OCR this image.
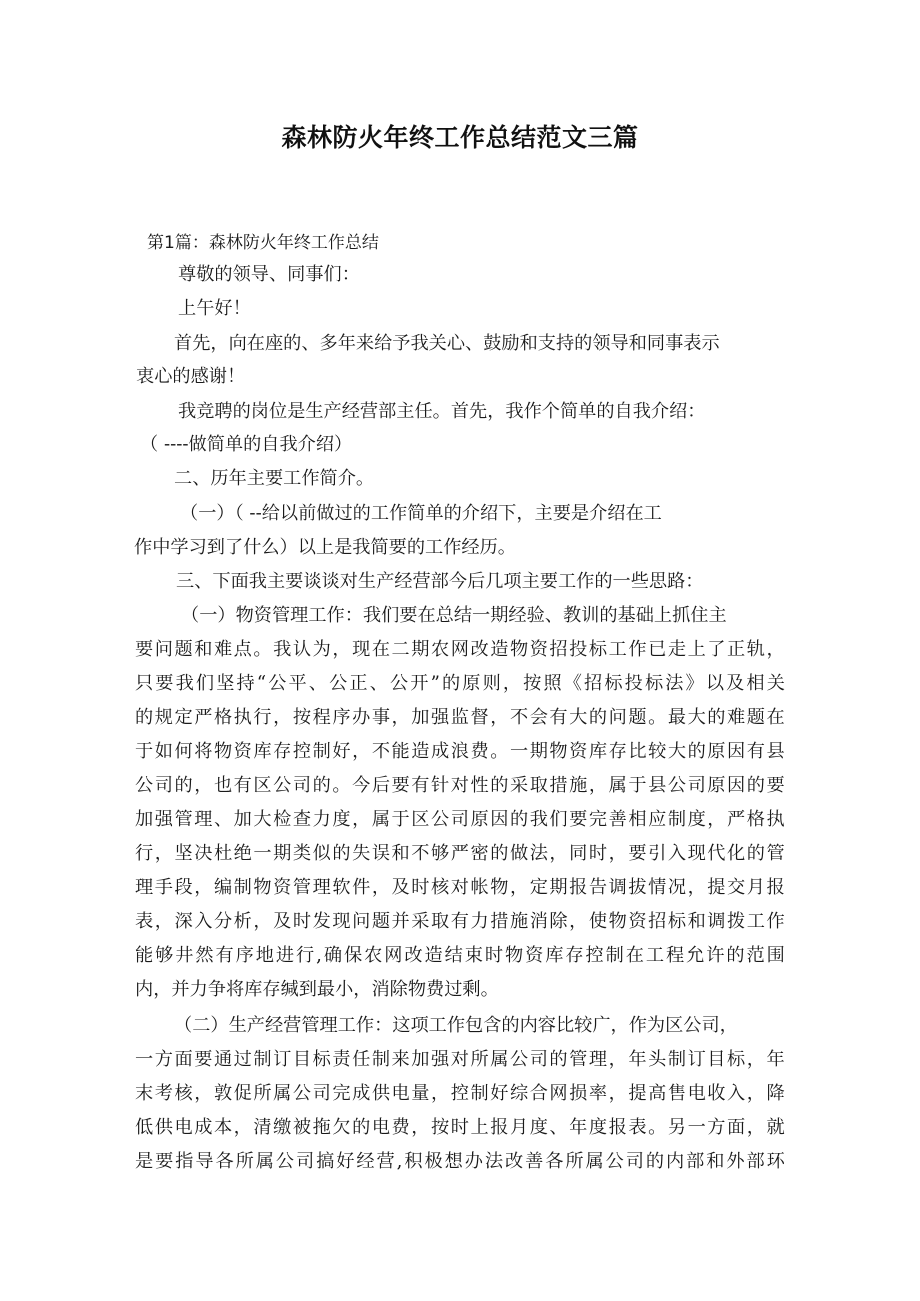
森林防火年终工作总结范文三篇

第1篇：森林防火年终工作总结

尊敬的领导、同事们：

上午好！

首先，向在座的、多年来给予我关心、鼓励和支持的领导和同事表示

衷心的感谢！

我竞聘的岗位是生产经营部主任。首先，我作个简单的自我介绍：

（ ----做简单的自我介绍）

二、历年主要工作简介。

（一）（ --给以前做过的工作简单的介绍下，主要是介绍在工

作中学习到了什么）以上是我简要的工作经历。

三、下面我主要谈谈对生产经营部今后几项主要工作的一些思路：

（一）物资管理工作：我们要在总结一期经验、教训的基础上抓住主

要 问 题 和 难 点 。 我 认 为 ， 现 在 二 期 农 网 改 造 物 资 招 投 标 工 作 已 走 上 了 正 轨 ，

只 要 我 们 坚 持 “ 公 平 、 公 正 、 公 开 ” 的 原 则 ， 按 照 《 招 标 投 标 法 》 以 及 相 关

的 规 定 严 格 执 行 ， 按 程 序 办 事 ， 加 强 监 督 ， 不 会 有 大 的 问 题 。 最 大 的 难 题 在

于 如 何 将 物 资 库 存 控 制 好 ， 不 能 造 成 浪 费 。 一 期 物 资 库 存 比 较 大 的 原 因 有 县

公 司 的 ， 也 有 区 公 司 的 。 今 后 要 有 针 对 性 的 采 取 措 施 ， 属 于 县 公 司 原 因 的 要

加 强 管 理 、 加 大 检 查 力 度 ， 属 于 区 公 司 原 因 的 我 们 要 完 善 相 应 制 度 ， 严 格 执

行 ， 坚 决 杜 绝 一 期 类 似 的 失 误 和 不 够 严 密 的 做 法 ， 同 时 ， 要 引 入 现 代 化 的 管

理 手 段 ， 编 制 物 资 管 理 软 件 ， 及 时 核 对 帐 物 ， 定 期 报 告 调 拔 情 况 ， 提 交 月 报

表 ， 深 入 分 析 ， 及 时 发 现 问 题 并 采 取 有 力 措 施 消 除 ， 使 物 资 招 标 和 调 拨 工 作

能 够 井 然 有 序 地 进 行 , 确 保 农 网 改 造 结 束 时 物 资 库 存 控 制 在 工 程 允 许 的 范 围

内，并力争将库存缄到最小，消除物费过剩。

（二）生产经营管理工作：这项工作包含的内容比较广，作为区公司，

一 方 面 要 通 过 制 订 目 标 责 任 制 来 加 强 对 所 属 公 司 的 管 理 ， 年 头 制 订 目 标 ， 年

末 考 核 ， 敦 促 所 属 公 司 完 成 供 电 量 ， 控 制 好 综 合 网 损 率 ， 提 高 售 电 收 入 ， 降

低 供 电 成 本 ， 清 缴 被 拖 欠 的 电 费 ， 按 时 上 报 月 度 、 年 度 报 表 。 另 一 方 面 ， 就

是 要 指 导 各 所 属 公 司 搞 好 经 营 , 积 极 想 办 法 改 善 各 所 属 公 司 的 内 部 和 外 部 环
